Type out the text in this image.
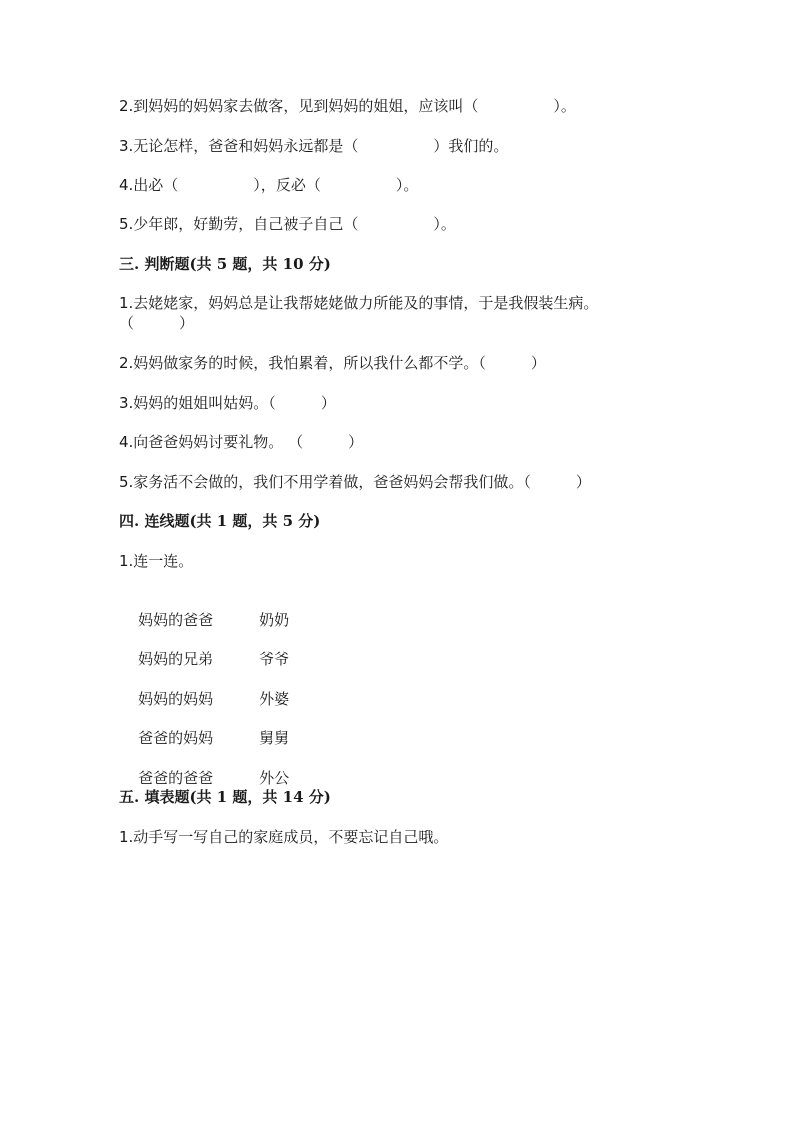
2.到妈妈的妈妈家去做客，见到妈妈的姐姐，应该叫（　　　　　）。
3.无论怎样，爸爸和妈妈永远都是（　　　　　）我们的。
4.出必（　　　　　），反必（　　　　　）。
5.少年郎，好勤劳，自己被子自己（　　　　　）。
三. 判断题(共 5 题，共 10 分)
1.去姥姥家，妈妈总是让我帮姥姥做力所能及的事情，于是我假装生病。
（　　　）
2.妈妈做家务的时候，我怕累着，所以我什么都不学。（　　　）
3.妈妈的姐姐叫姑妈。（　　　）
4.向爸爸妈妈讨要礼物。 （　　　）
5.家务活不会做的，我们不用学着做，爸爸妈妈会帮我们做。（　　　）
四. 连线题(共 1 题，共 5 分)
1.连一连。

妈妈的爸爸	奶奶

妈妈的兄弟	爷爷

妈妈的妈妈	外婆

爸爸的妈妈	舅舅

爸爸的爸爸	外公

五. 填表题(共 1 题，共 14 分)
1.动手写一写自己的家庭成员，不要忘记自己哦。
